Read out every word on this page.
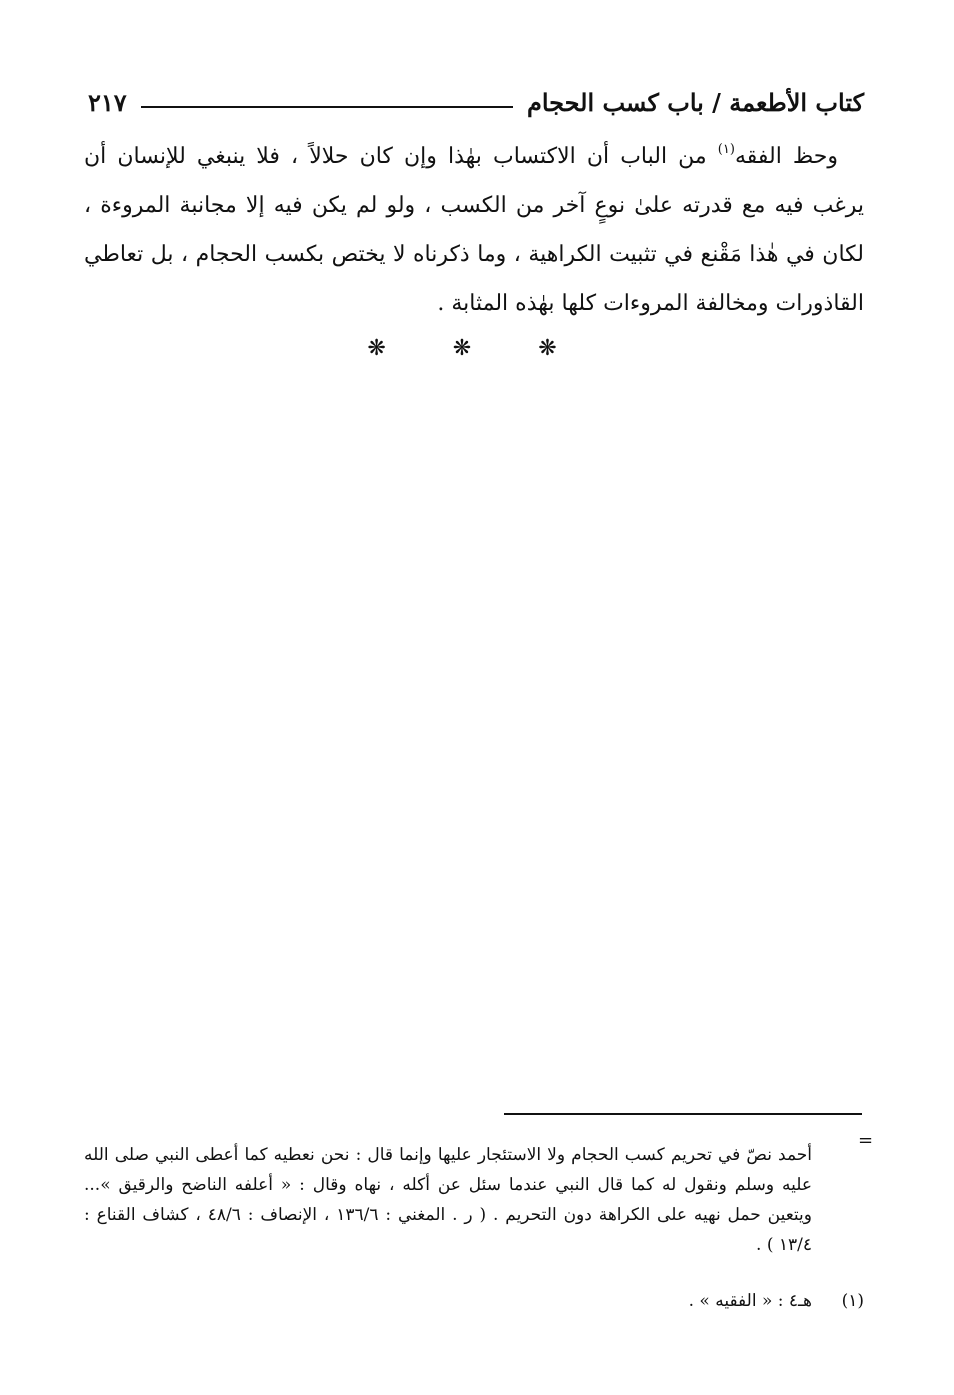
كتاب الأطعمة / باب كسب الحجام
٢١٧

وحظ الفقه$^{(١)}$ من الباب أن الاكتساب بهٰذا وإن كان حلالاً ، فلا ينبغي للإنسان أن يرغب فيه مع قدرته علىٰ نوعٍ آخر من الكسب ، ولو لم يكن فيه إلا مجانبة المروءة ، لكان في هٰذا مَقْنع في تثبيت الكراهية ، وما ذكرناه لا يختص بكسب الحجام ، بل تعاطي القاذورات ومخالفة المروءات كلها بهٰذه المثابة .

❋ ❋ ❋
=

أحمد نصّ في تحريم كسب الحجام ولا الاستئجار عليها وإنما قال : نحن نعطيه كما أعطى النبي صلى الله عليه وسلم ونقول له كما قال النبي عندما سئل عن أكله ، نهاه وقال : « أعلفه الناضح والرقيق »... ويتعين حمل نهيه على الكراهة دون التحريم . ( ر . المغني : ١٣٦/٦ ، الإنصاف : ٤٨/٦ ، كشاف القناع : ١٣/٤ ) .

(١)
هـ٤ : « الفقيه » .
